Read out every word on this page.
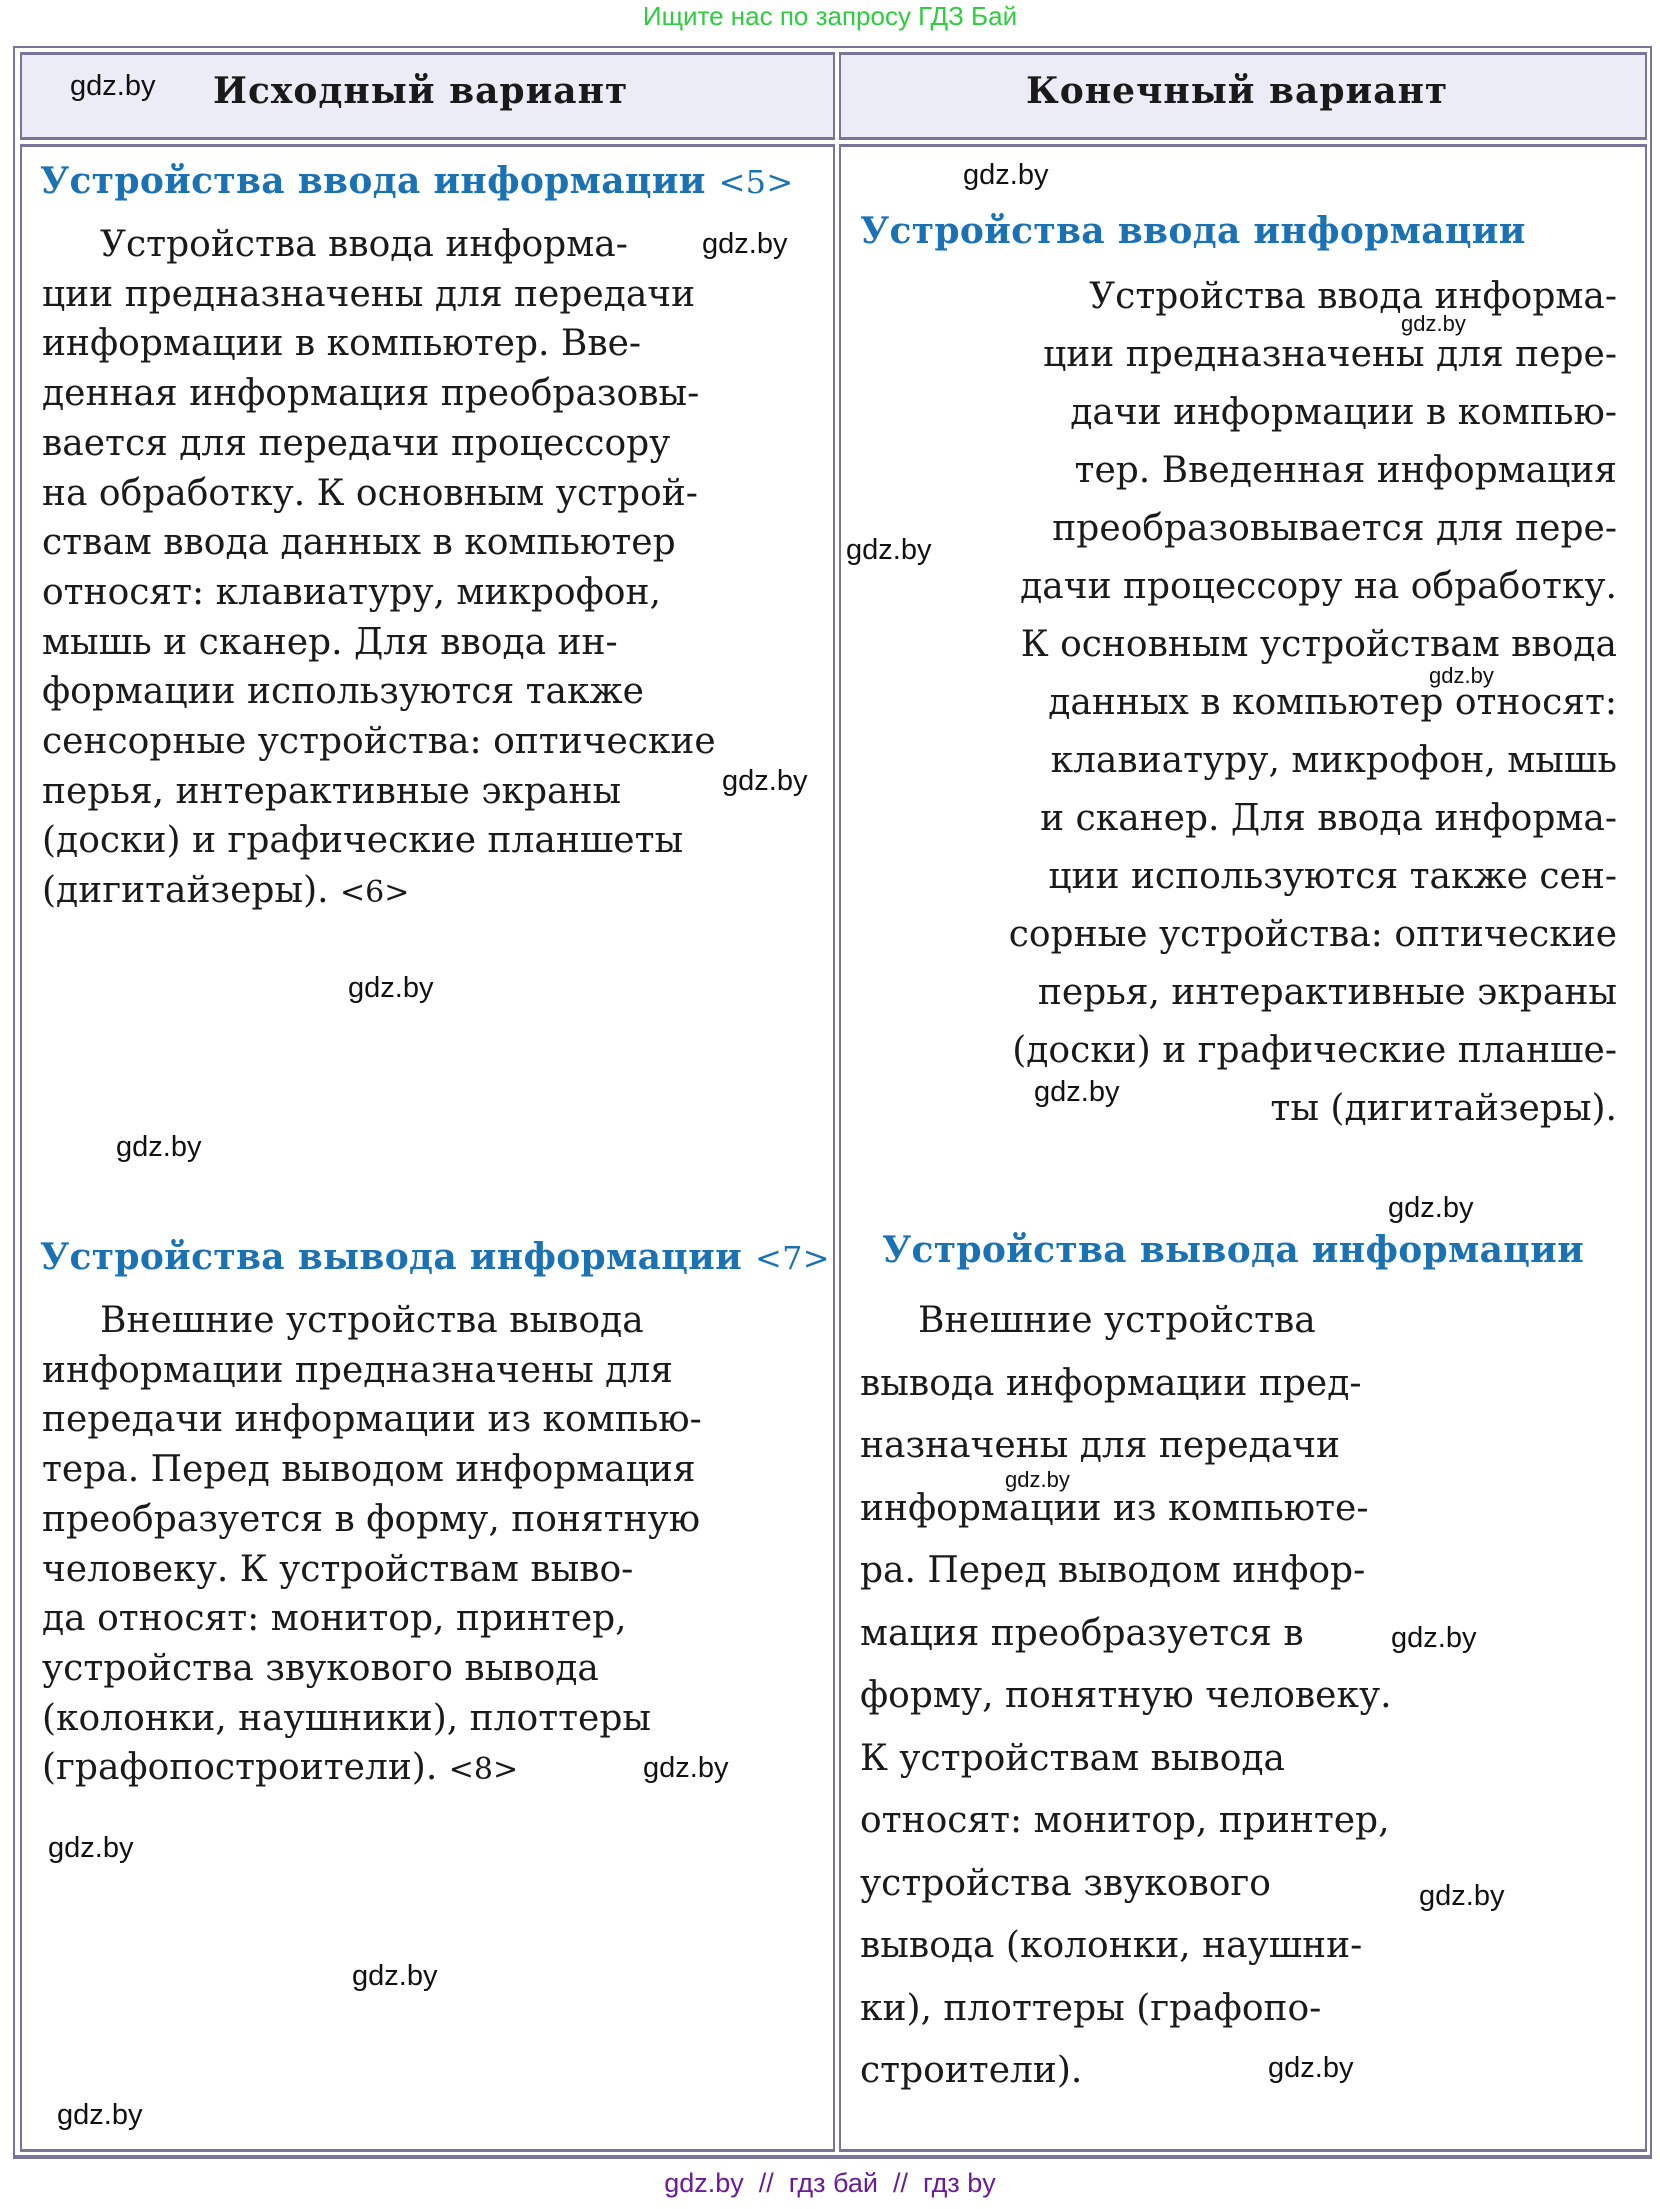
Ищите нас по запросу ГДЗ Бай
gdz.by Исходный вариант	Конечный вариант
Устройства ввода информации <5>
Устройства ввода информа-
ции предназначены для передачи
информации в компьютер. Вве-
денная информация преобразовы-
вается для передачи процессору
на обработку. К основным устрой-
ствам ввода данных в компьютер
относят: клавиатуру, микрофон,
мышь и сканер. Для ввода ин-
формации используются также
сенсорные устройства: оптические
перья, интерактивные экраны
(доски) и графические планшеты
(дигитайзеры). <6>
gdz.by
gdz.by
gdz.by
gdz.by
Устройства вывода информации <7>
Внешние устройства вывода
информации предназначены для
передачи информации из компью-
тера. Перед выводом информация
преобразуется в форму, понятную
человеку. К устройствам выво-
да относят: монитор, принтер,
устройства звукового вывода
(колонки, наушники), плоттеры
(графопостроители). <8>	gdz.by
gdz.by
gdz.by
gdz.by
gdz.by
Устройства ввода информации
Устройства ввода информа-
ции предназначены для пере-
дачи информации в компью-
тер. Введенная информация
преобразовывается для пере-
дачи процессору на обработку.
К основным устройствам ввода
данных в компьютер относят:
клавиатуру, микрофон, мышь
и сканер. Для ввода информа-
ции используются также сен-
сорные устройства: оптические
перья, интерактивные экраны
(доски) и графические планше-
ты (дигитайзеры).
gdz.by
gdz.by
gdz.by
gdz.by
gdz.by
Устройства вывода информации
Внешние устройства
вывода информации пред-
назначены для передачи
информации из компьюте-
ра. Перед выводом инфор-
мация преобразуется в
форму, понятную человеку.
К устройствам вывода
относят: монитор, принтер,
устройства звукового
вывода (колонки, наушни-
ки), плоттеры (графопо-
строители).
gdz.by
gdz.by
gdz.by
gdz.by
gdz.by  //  гдз бай  //  гдз by
